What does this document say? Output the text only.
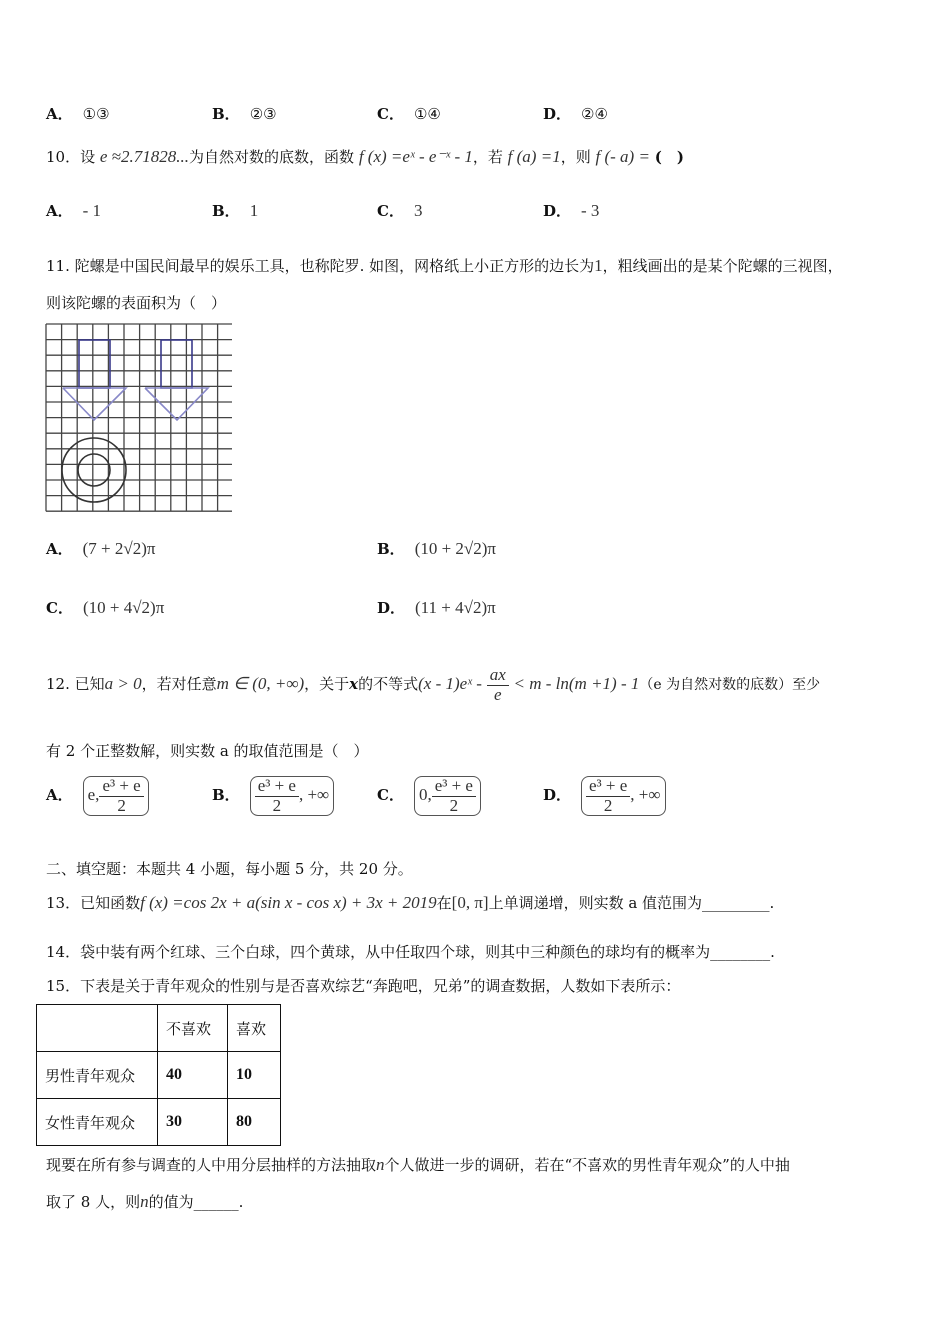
A． ①③	B． ②③	C． ①④	D． ②④
10．设 e ≈2.71828...为自然对数的底数，函数 f (x) =eˣ - e⁻ˣ - 1，若 f (a) =1，则 f (- a) = (　)
A． - 1	B． 1	C． 3	D． - 3
11. 陀螺是中国民间最早的娱乐工具，也称陀罗. 如图，网格纸上小正方形的边长为1，粗线画出的是某个陀螺的三视图，
则该陀螺的表面积为（　）
A． (7 + 2√2)π	B． (10 + 2√2)π
C． (10 + 4√2)π	D． (11 + 4√2)π
12. 已知a > 0，若对任意m ∈ (0, +∞)，关于x的不等式(x - 1)eˣ - $\frac{ax}{e} < m - \ln(m +1) - 1(e$ 为自然对数的底数）至少
有 2 个正整数解，则实数 a 的取值范围是（　）
A． e, $\frac{\text{e³ + e}}{2}$	B． $\frac{\text{e³ + e}}{2}$ , +∞	C． 0, $\frac{\text{e³ + e}}{2}$	D． $\frac{\text{e³ + e}}{2}$ , +∞
二、填空题：本题共 4 小题，每小题 5 分，共 20 分。
13．已知函数f (x) =cos 2x + a(sin x - cos x) + 3x + 2019在[0, π]上单调递增，则实数 a 值范围为_________.
14．袋中装有两个红球、三个白球，四个黄球，从中任取四个球，则其中三种颜色的球均有的概率为________.
15．下表是关于青年观众的性别与是否喜欢综艺“奔跑吧，兄弟”的调查数据，人数如下表所示：
	不喜欢	喜欢
男性青年观众	40	10
女性青年观众	30	80
现要在所有参与调查的人中用分层抽样的方法抽取n个人做进一步的调研，若在“不喜欢的男性青年观众”的人中抽
取了 8 人，则n的值为______.
